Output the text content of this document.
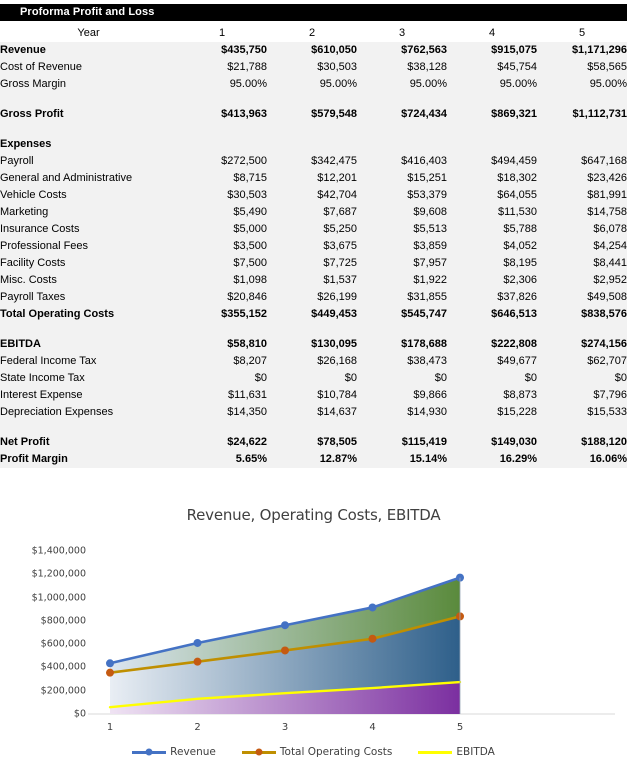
Proforma Profit and Loss
Year	1	2	3	4	5
Revenue	$435,750	$610,050	$762,563	$915,075	$1,171,296
Cost of Revenue	$21,788	$30,503	$38,128	$45,754	$58,565
Gross Margin	95.00%	95.00%	95.00%	95.00%	95.00%

Gross Profit	$413,963	$579,548	$724,434	$869,321	$1,112,731

Expenses					
Payroll	$272,500	$342,475	$416,403	$494,459	$647,168
General and Administrative	$8,715	$12,201	$15,251	$18,302	$23,426
Vehicle Costs	$30,503	$42,704	$53,379	$64,055	$81,991
Marketing	$5,490	$7,687	$9,608	$11,530	$14,758
Insurance Costs	$5,000	$5,250	$5,513	$5,788	$6,078
Professional Fees	$3,500	$3,675	$3,859	$4,052	$4,254
Facility Costs	$7,500	$7,725	$7,957	$8,195	$8,441
Misc. Costs	$1,098	$1,537	$1,922	$2,306	$2,952
Payroll Taxes	$20,846	$26,199	$31,855	$37,826	$49,508
Total Operating Costs	$355,152	$449,453	$545,747	$646,513	$838,576

EBITDA	$58,810	$130,095	$178,688	$222,808	$274,156
Federal Income Tax	$8,207	$26,168	$38,473	$49,677	$62,707
State Income Tax	$0	$0	$0	$0	$0
Interest Expense	$11,631	$10,784	$9,866	$8,873	$7,796
Depreciation Expenses	$14,350	$14,637	$14,930	$15,228	$15,533

Net Profit	$24,622	$78,505	$115,419	$149,030	$188,120
Profit Margin	5.65%	12.87%	15.14%	16.29%	16.06%
Revenue, Operating Costs, EBITDA
$1,400,000
$1,200,000
$1,000,000
$800,000
$600,000
$400,000
$200,000
$0
1	2	3	4	5
Revenue	Total Operating Costs	EBITDA
